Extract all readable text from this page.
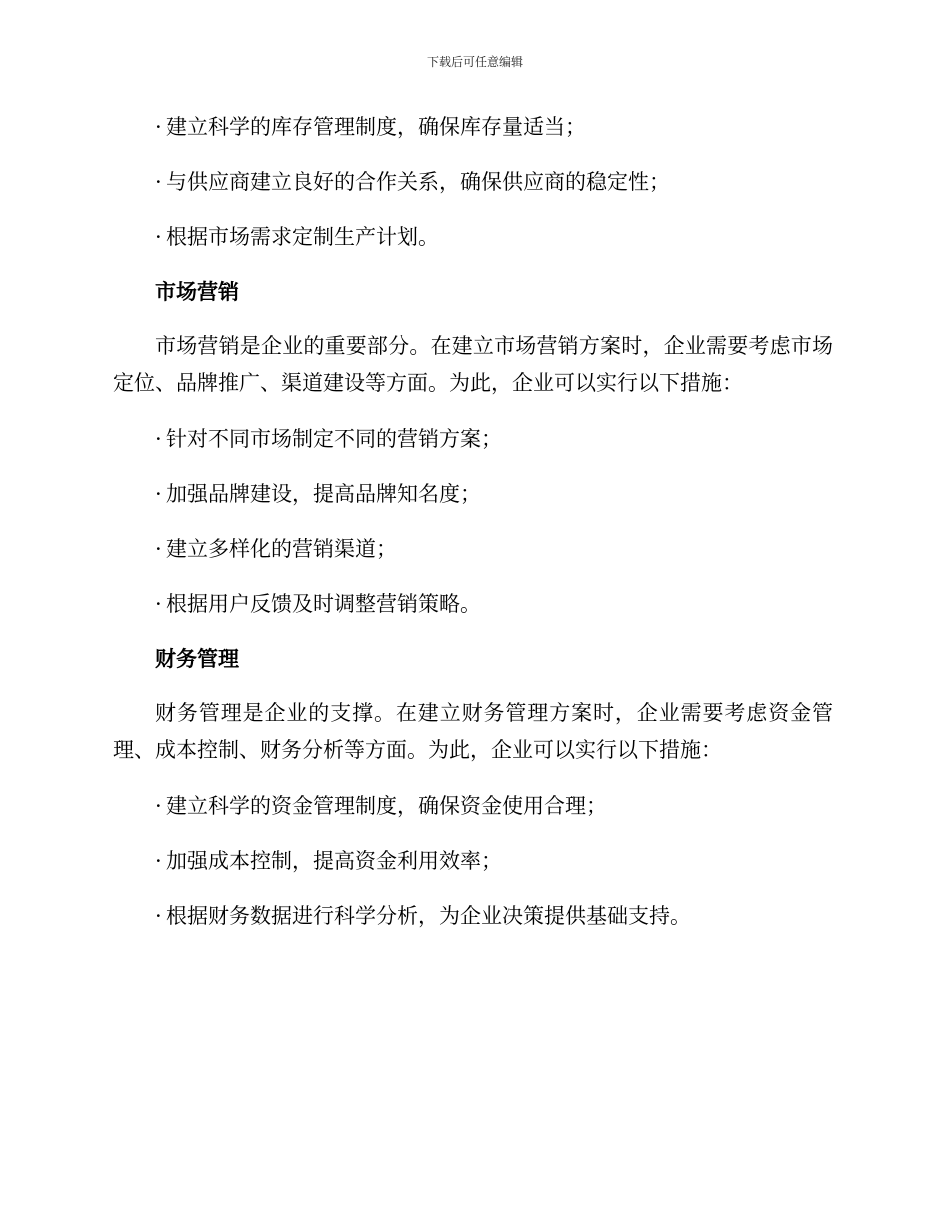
下载后可任意编辑

· 建立科学的库存管理制度，确保库存量适当；

· 与供应商建立良好的合作关系，确保供应商的稳定性；

· 根据市场需求定制生产计划。

市场营销

市场营销是企业的重要部分。在建立市场营销方案时，企业需要考虑市场定位、品牌推广、渠道建设等方面。为此，企业可以实行以下措施：

· 针对不同市场制定不同的营销方案；

· 加强品牌建设，提高品牌知名度；

· 建立多样化的营销渠道；

· 根据用户反馈及时调整营销策略。

财务管理

财务管理是企业的支撑。在建立财务管理方案时，企业需要考虑资金管理、成本控制、财务分析等方面。为此，企业可以实行以下措施：

· 建立科学的资金管理制度，确保资金使用合理；

· 加强成本控制，提高资金利用效率；

· 根据财务数据进行科学分析，为企业决策提供基础支持。
